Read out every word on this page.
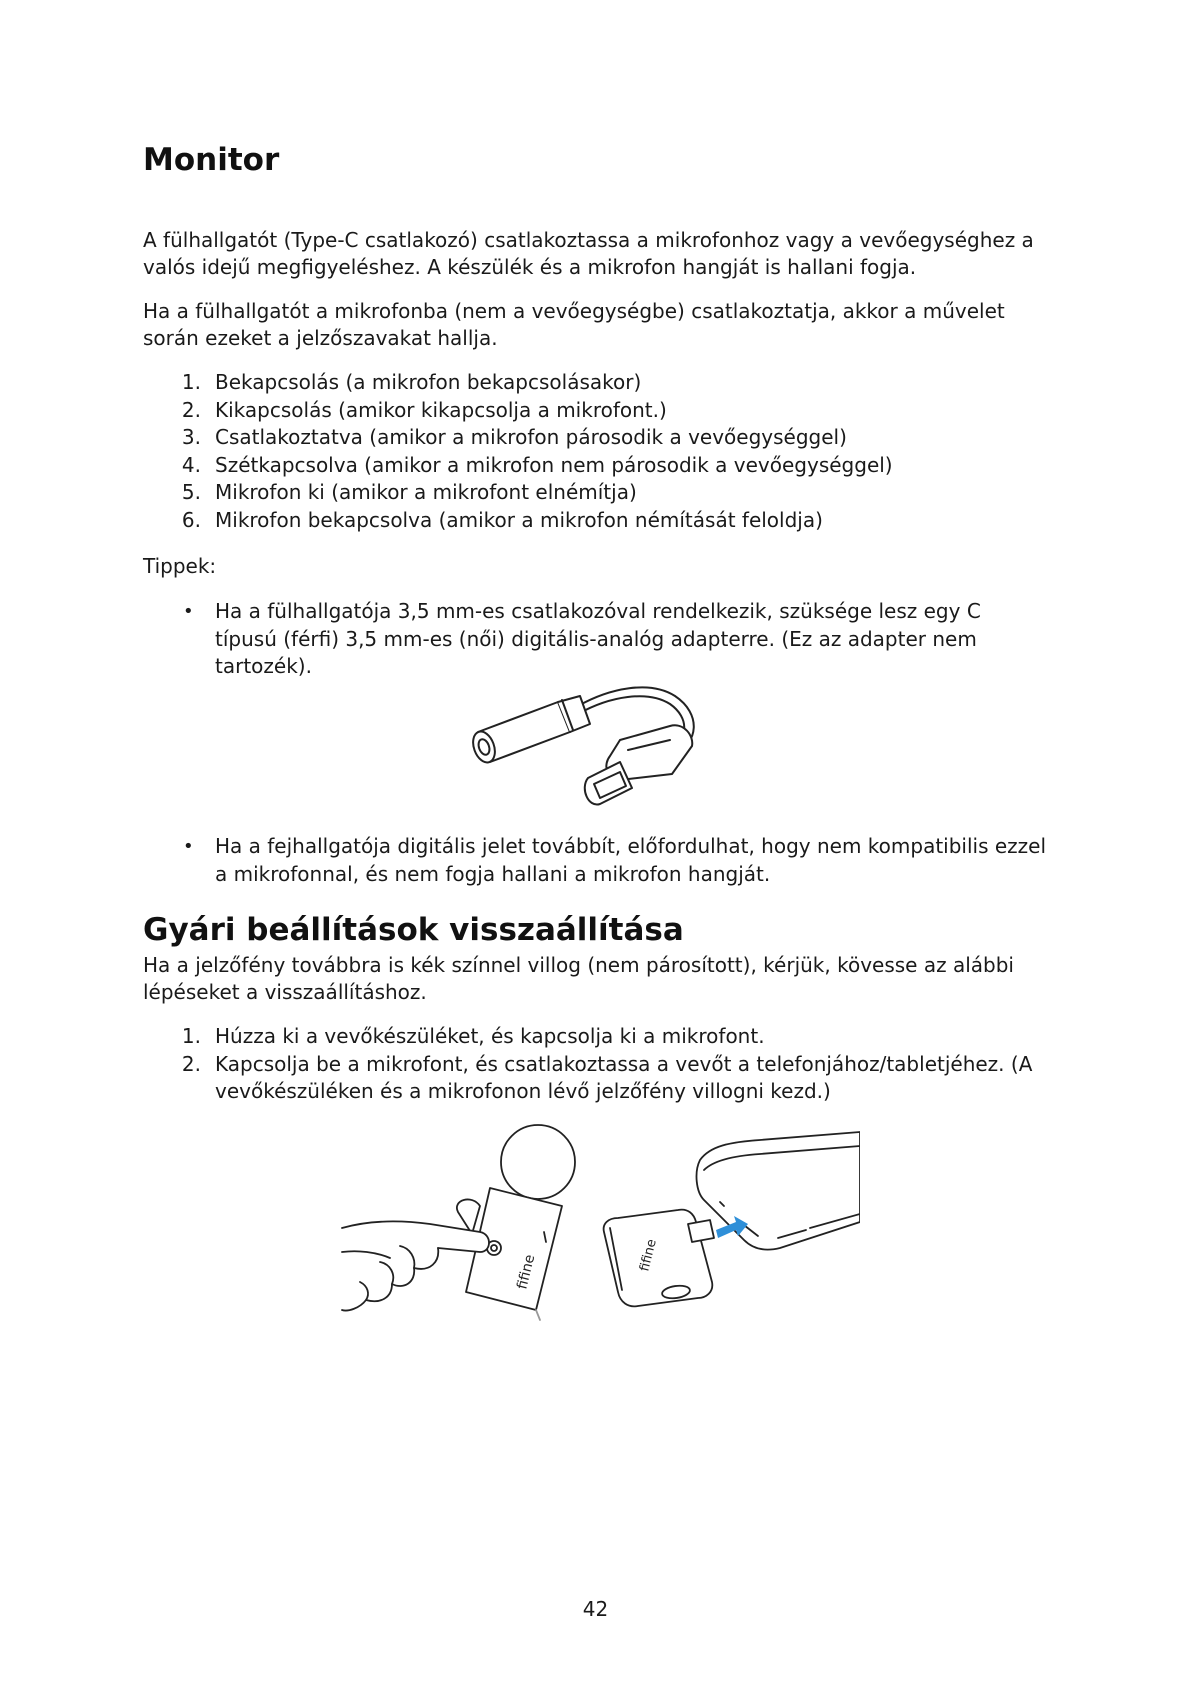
Monitor

A fülhallgatót (Type-C csatlakozó) csatlakoztassa a mikrofonhoz vagy a vevőegységhez a valós idejű megfigyeléshez. A készülék és a mikrofon hangját is hallani fogja.

Ha a fülhallgatót a mikrofonba (nem a vevőegységbe) csatlakoztatja, akkor a művelet során ezeket a jelzőszavakat hallja.

1. Bekapcsolás (a mikrofon bekapcsolásakor)
2. Kikapcsolás (amikor kikapcsolja a mikrofont.)
3. Csatlakoztatva (amikor a mikrofon párosodik a vevőegységgel)
4. Szétkapcsolva (amikor a mikrofon nem párosodik a vevőegységgel)
5. Mikrofon ki (amikor a mikrofont elnémítja)
6. Mikrofon bekapcsolva (amikor a mikrofon némítását feloldja)

Tippek:

• Ha a fülhallgatója 3,5 mm-es csatlakozóval rendelkezik, szüksége lesz egy C típusú (férfi) 3,5 mm-es (női) digitális-analóg adapterre. (Ez az adapter nem tartozék).
• Ha a fejhallgatója digitális jelet továbbít, előfordulhat, hogy nem kompatibilis ezzel a mikrofonnal, és nem fogja hallani a mikrofon hangját.
Gyári beállítások visszaállítása

Ha a jelzőfény továbbra is kék színnel villog (nem párosított), kérjük, kövesse az alábbi lépéseket a visszaállításhoz.

1. Húzza ki a vevőkészüléket, és kapcsolja ki a mikrofont.
2. Kapcsolja be a mikrofont, és csatlakoztassa a vevőt a telefonjához/tabletjéhez. (A vevőkészüléken és a mikrofonon lévő jelzőfény villogni kezd.)
fifine	fifine
42
